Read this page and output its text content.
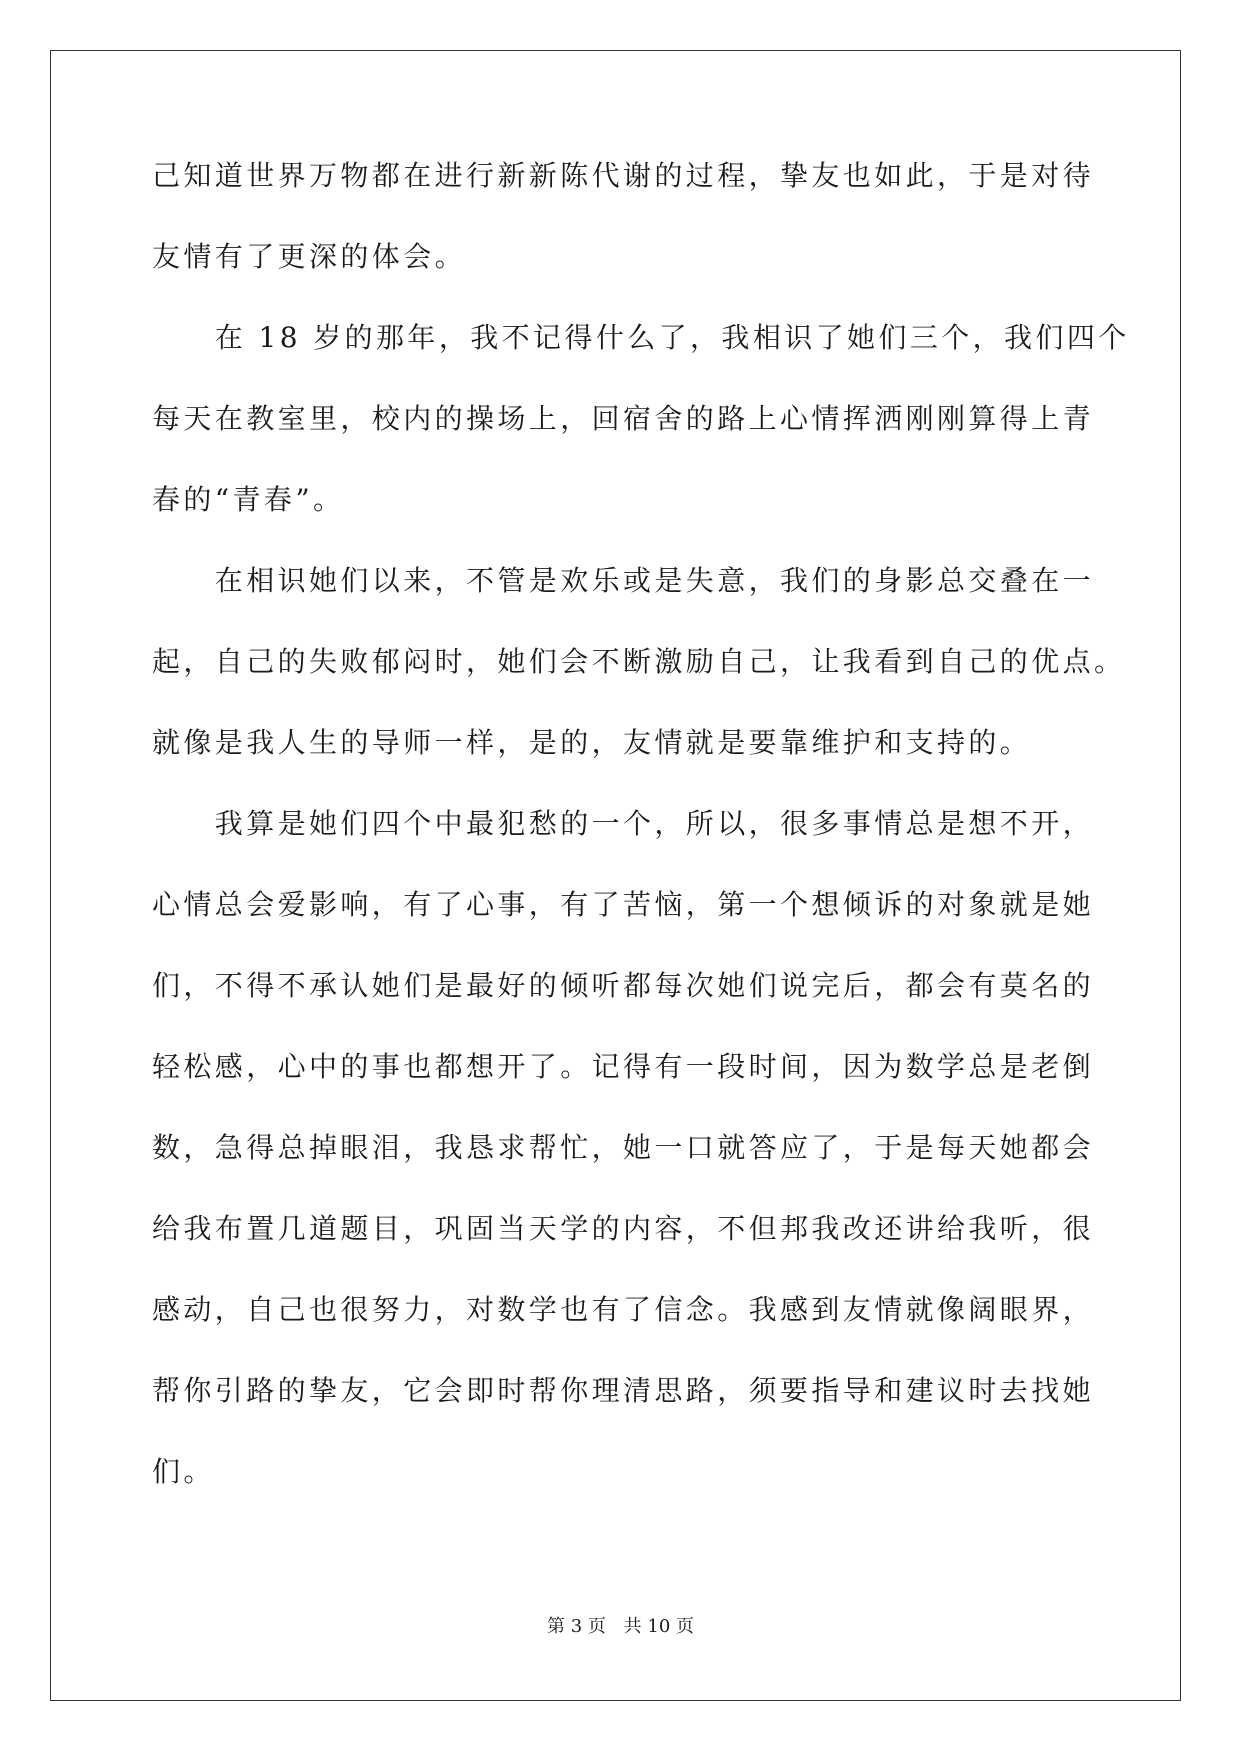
己知道世界万物都在进行新新陈代谢的过程，挚友也如此，于是对待
友情有了更深的体会。
　　在 18 岁的那年，我不记得什么了，我相识了她们三个，我们四个
每天在教室里，校内的操场上，回宿舍的路上心情挥洒刚刚算得上青
春的“青春”。
　　在相识她们以来，不管是欢乐或是失意，我们的身影总交叠在一
起，自己的失败郁闷时，她们会不断激励自己，让我看到自己的优点。
就像是我人生的导师一样，是的，友情就是要靠维护和支持的。
　　我算是她们四个中最犯愁的一个，所以，很多事情总是想不开，
心情总会爱影响，有了心事，有了苦恼，第一个想倾诉的对象就是她
们，不得不承认她们是最好的倾听都每次她们说完后，都会有莫名的
轻松感，心中的事也都想开了。记得有一段时间，因为数学总是老倒
数，急得总掉眼泪，我恳求帮忙，她一口就答应了，于是每天她都会
给我布置几道题目，巩固当天学的内容，不但邦我改还讲给我听，很
感动，自己也很努力，对数学也有了信念。我感到友情就像阔眼界，
帮你引路的挚友，它会即时帮你理清思路，须要指导和建议时去找她
们。
第 3 页 共 10 页
